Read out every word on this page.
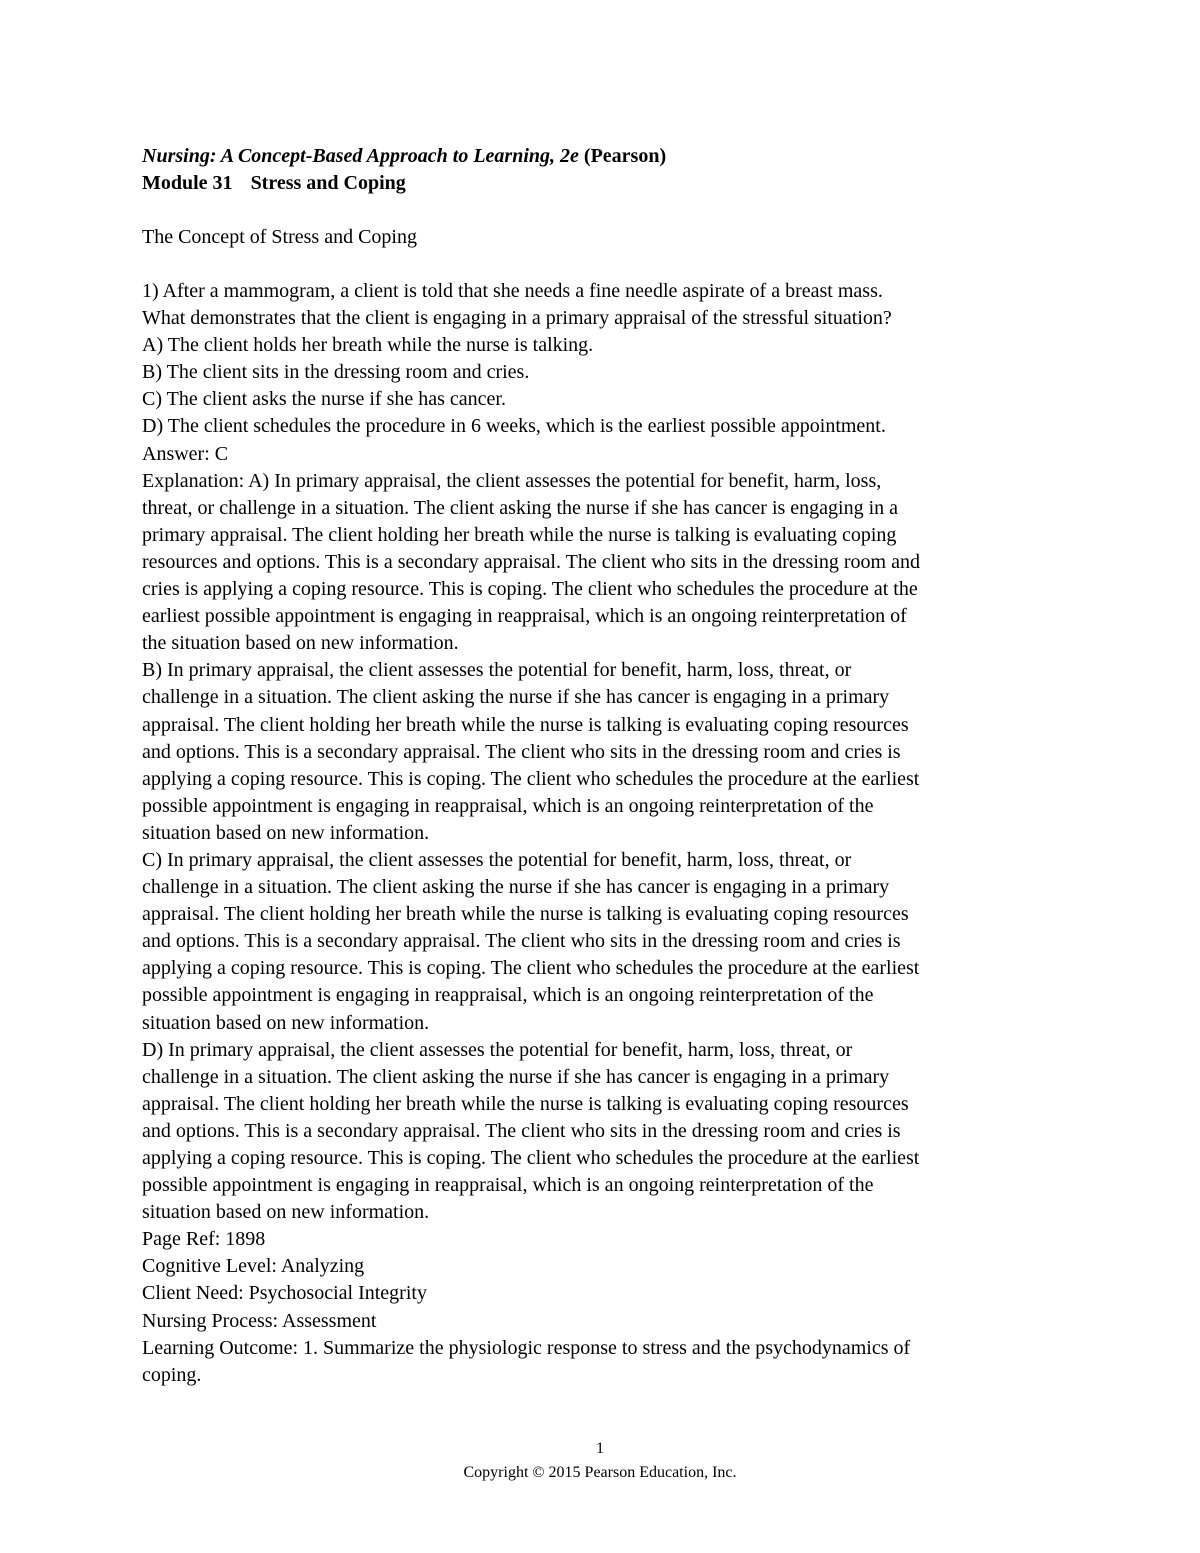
Nursing: A Concept-Based Approach to Learning, 2e (Pearson)
Module 31 Stress and Coping
The Concept of Stress and Coping
1) After a mammogram, a client is told that she needs a fine needle aspirate of a breast mass.
What demonstrates that the client is engaging in a primary appraisal of the stressful situation?
A) The client holds her breath while the nurse is talking.
B) The client sits in the dressing room and cries.
C) The client asks the nurse if she has cancer.
D) The client schedules the procedure in 6 weeks, which is the earliest possible appointment.
Answer: C
Explanation: A) In primary appraisal, the client assesses the potential for benefit, harm, loss,
threat, or challenge in a situation. The client asking the nurse if she has cancer is engaging in a
primary appraisal. The client holding her breath while the nurse is talking is evaluating coping
resources and options. This is a secondary appraisal. The client who sits in the dressing room and
cries is applying a coping resource. This is coping. The client who schedules the procedure at the
earliest possible appointment is engaging in reappraisal, which is an ongoing reinterpretation of
the situation based on new information.
B) In primary appraisal, the client assesses the potential for benefit, harm, loss, threat, or
challenge in a situation. The client asking the nurse if she has cancer is engaging in a primary
appraisal. The client holding her breath while the nurse is talking is evaluating coping resources
and options. This is a secondary appraisal. The client who sits in the dressing room and cries is
applying a coping resource. This is coping. The client who schedules the procedure at the earliest
possible appointment is engaging in reappraisal, which is an ongoing reinterpretation of the
situation based on new information.
C) In primary appraisal, the client assesses the potential for benefit, harm, loss, threat, or
challenge in a situation. The client asking the nurse if she has cancer is engaging in a primary
appraisal. The client holding her breath while the nurse is talking is evaluating coping resources
and options. This is a secondary appraisal. The client who sits in the dressing room and cries is
applying a coping resource. This is coping. The client who schedules the procedure at the earliest
possible appointment is engaging in reappraisal, which is an ongoing reinterpretation of the
situation based on new information.
D) In primary appraisal, the client assesses the potential for benefit, harm, loss, threat, or
challenge in a situation. The client asking the nurse if she has cancer is engaging in a primary
appraisal. The client holding her breath while the nurse is talking is evaluating coping resources
and options. This is a secondary appraisal. The client who sits in the dressing room and cries is
applying a coping resource. This is coping. The client who schedules the procedure at the earliest
possible appointment is engaging in reappraisal, which is an ongoing reinterpretation of the
situation based on new information.
Page Ref: 1898
Cognitive Level: Analyzing
Client Need: Psychosocial Integrity
Nursing Process: Assessment
Learning Outcome: 1. Summarize the physiologic response to stress and the psychodynamics of
coping.
1
Copyright © 2015 Pearson Education, Inc.
